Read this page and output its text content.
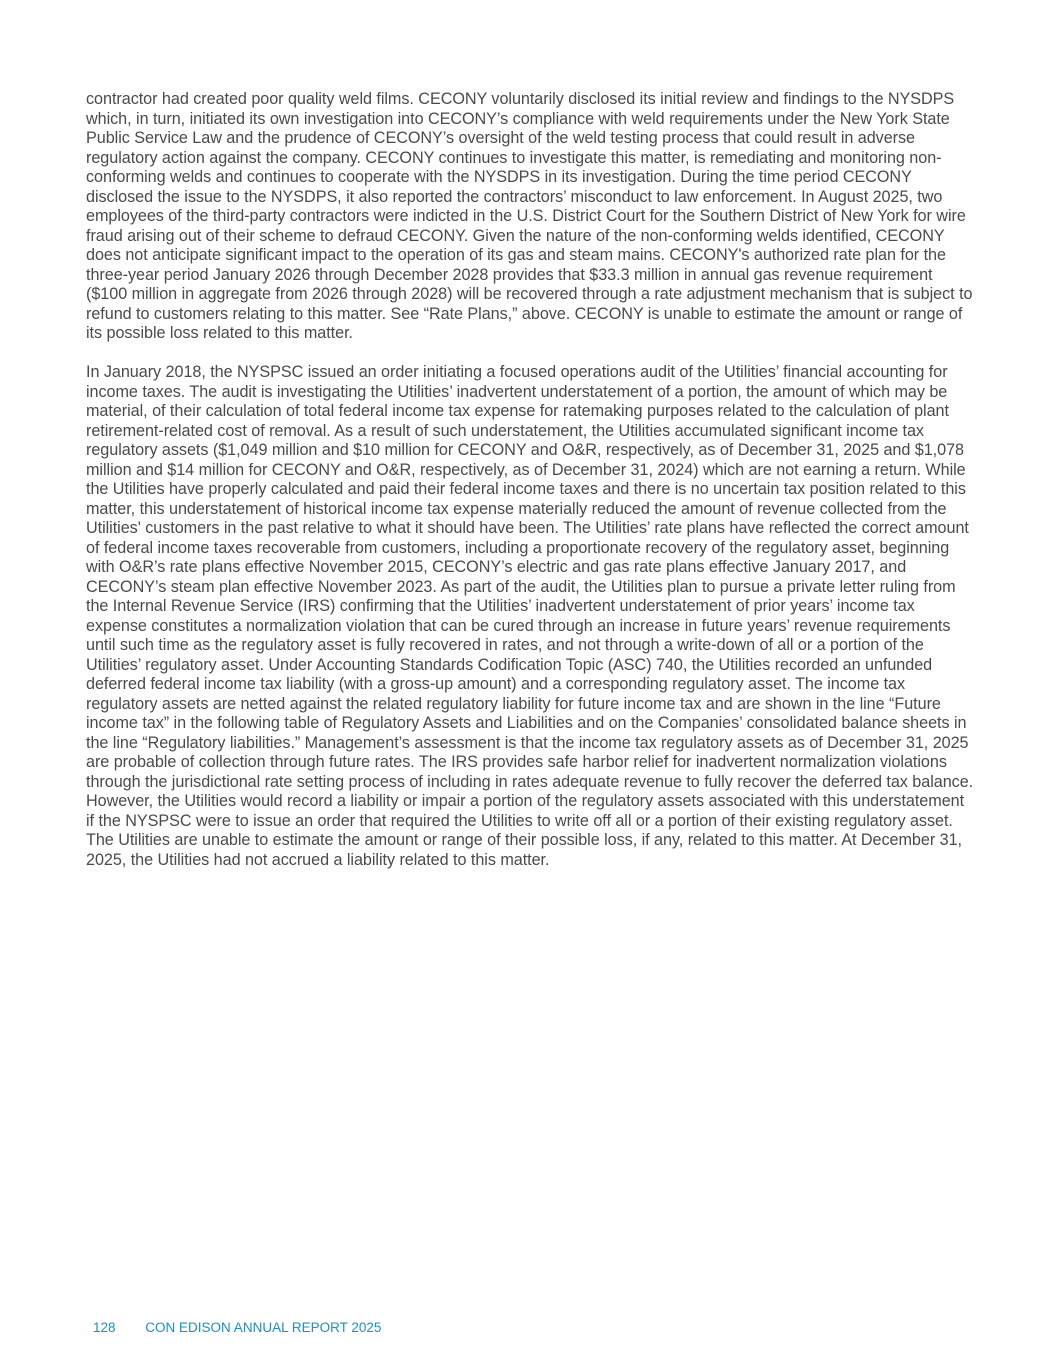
contractor had created poor quality weld films. CECONY voluntarily disclosed its initial review and findings to the NYSDPS which, in turn, initiated its own investigation into CECONY’s compliance with weld requirements under the New York State Public Service Law and the prudence of CECONY’s oversight of the weld testing process that could result in adverse regulatory action against the company. CECONY continues to investigate this matter, is remediating and monitoring non-conforming welds and continues to cooperate with the NYSDPS in its investigation. During the time period CECONY disclosed the issue to the NYSDPS, it also reported the contractors’ misconduct to law enforcement. In August 2025, two employees of the third-party contractors were indicted in the U.S. District Court for the Southern District of New York for wire fraud arising out of their scheme to defraud CECONY. Given the nature of the non-conforming welds identified, CECONY does not anticipate significant impact to the operation of its gas and steam mains. CECONY's authorized rate plan for the three-year period January 2026 through December 2028 provides that $33.3 million in annual gas revenue requirement ($100 million in aggregate from 2026 through 2028) will be recovered through a rate adjustment mechanism that is subject to refund to customers relating to this matter. See “Rate Plans,” above. CECONY is unable to estimate the amount or range of its possible loss related to this matter.

In January 2018, the NYSPSC issued an order initiating a focused operations audit of the Utilities’ financial accounting for income taxes. The audit is investigating the Utilities’ inadvertent understatement of a portion, the amount of which may be material, of their calculation of total federal income tax expense for ratemaking purposes related to the calculation of plant retirement-related cost of removal. As a result of such understatement, the Utilities accumulated significant income tax regulatory assets ($1,049 million and $10 million for CECONY and O&R, respectively, as of December 31, 2025 and $1,078 million and $14 million for CECONY and O&R, respectively, as of December 31, 2024) which are not earning a return. While the Utilities have properly calculated and paid their federal income taxes and there is no uncertain tax position related to this matter, this understatement of historical income tax expense materially reduced the amount of revenue collected from the Utilities' customers in the past relative to what it should have been. The Utilities’ rate plans have reflected the correct amount of federal income taxes recoverable from customers, including a proportionate recovery of the regulatory asset, beginning with O&R’s rate plans effective November 2015, CECONY’s electric and gas rate plans effective January 2017, and CECONY’s steam plan effective November 2023. As part of the audit, the Utilities plan to pursue a private letter ruling from the Internal Revenue Service (IRS) confirming that the Utilities’ inadvertent understatement of prior years’ income tax expense constitutes a normalization violation that can be cured through an increase in future years’ revenue requirements until such time as the regulatory asset is fully recovered in rates, and not through a write-down of all or a portion of the Utilities’ regulatory asset. Under Accounting Standards Codification Topic (ASC) 740, the Utilities recorded an unfunded deferred federal income tax liability (with a gross-up amount) and a corresponding regulatory asset. The income tax regulatory assets are netted against the related regulatory liability for future income tax and are shown in the line “Future income tax” in the following table of Regulatory Assets and Liabilities and on the Companies’ consolidated balance sheets in the line “Regulatory liabilities.” Management’s assessment is that the income tax regulatory assets as of December 31, 2025 are probable of collection through future rates. The IRS provides safe harbor relief for inadvertent normalization violations through the jurisdictional rate setting process of including in rates adequate revenue to fully recover the deferred tax balance. However, the Utilities would record a liability or impair a portion of the regulatory assets associated with this understatement if the NYSPSC were to issue an order that required the Utilities to write off all or a portion of their existing regulatory asset. The Utilities are unable to estimate the amount or range of their possible loss, if any, related to this matter. At December 31, 2025, the Utilities had not accrued a liability related to this matter.

128 CON EDISON ANNUAL REPORT 2025
